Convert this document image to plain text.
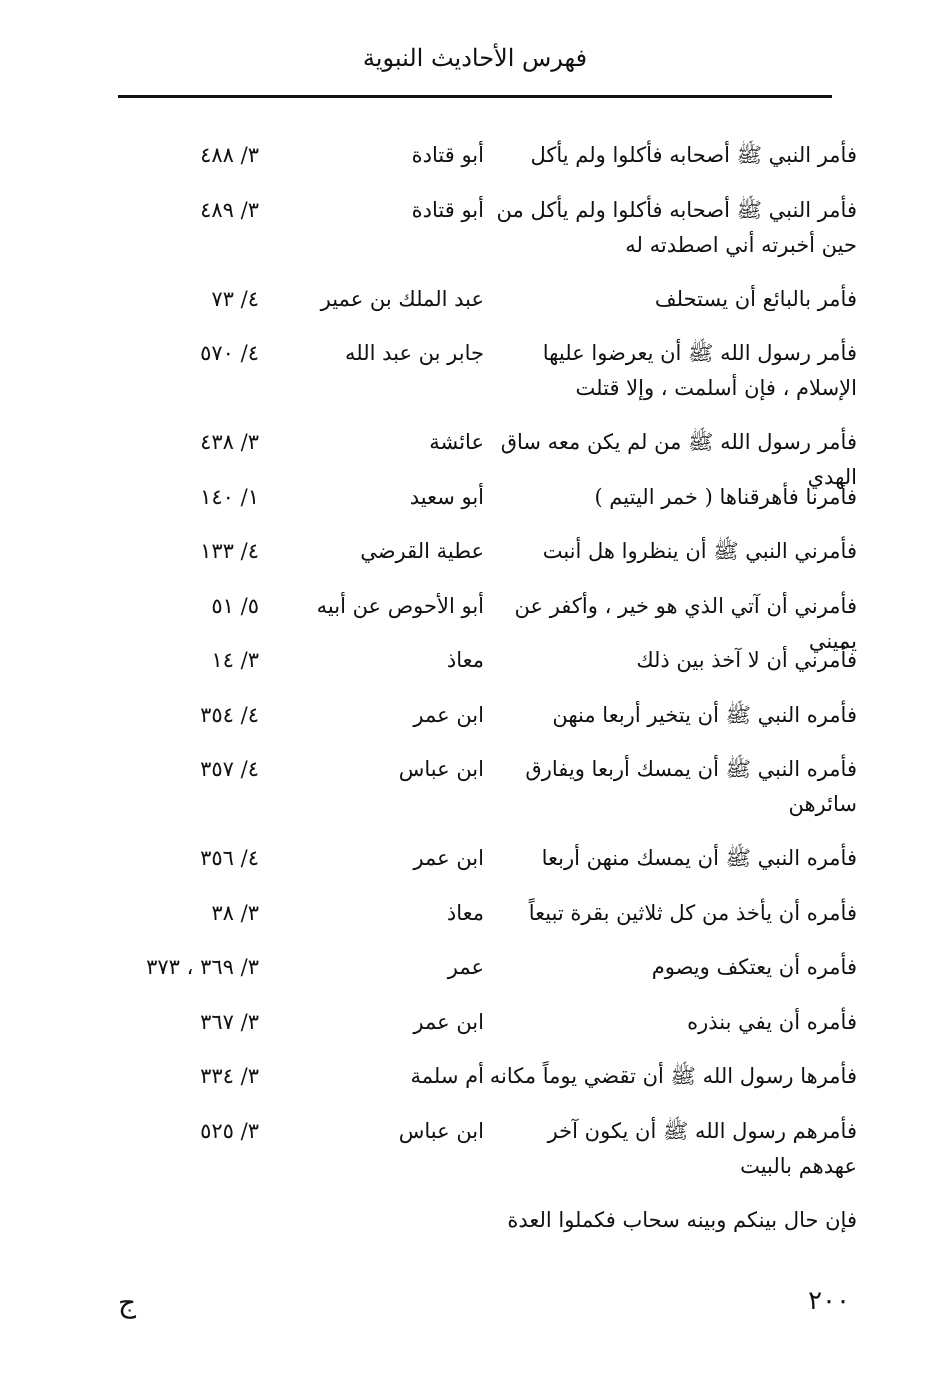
فهرس الأحاديث النبوية
فأمر النبي ﷺ أصحابه فأكلوا ولم يأكل
أبو قتادة
٣/ ٤٨٨
فأمر النبي ﷺ أصحابه فأكلوا ولم يأكل من حين أخبرته أني اصطدته له
أبو قتادة
٣/ ٤٨٩
فأمر بالبائع أن يستحلف
عبد الملك بن عمير
٤/ ٧٣
فأمر رسول الله ﷺ أن يعرضوا عليها الإسلام ، فإن أسلمت ، وإلا قتلت
جابر بن عبد الله
٤/ ٥٧٠
فأمر رسول الله ﷺ من لم يكن معه ساق الهدي
عائشة
٣/ ٤٣٨
فأمرنا فأهرقناها ( خمر اليتيم )
أبو سعيد
١/ ١٤٠
فأمرني النبي ﷺ أن ينظروا هل أنبت
عطية القرضي
٤/ ١٣٣
فأمرني أن آتي الذي هو خير ، وأكفر عن يميني
أبو الأحوص عن أبيه
٥/ ٥١
فأمرني أن لا آخذ بين ذلك
معاذ
٣/ ١٤
فأمره النبي ﷺ أن يتخير أربعا منهن
ابن عمر
٤/ ٣٥٤
فأمره النبي ﷺ أن يمسك أربعا ويفارق سائرهن
ابن عباس
٤/ ٣٥٧
فأمره النبي ﷺ أن يمسك منهن أربعا
ابن عمر
٤/ ٣٥٦
فأمره أن يأخذ من كل ثلاثين بقرة تبيعاً
معاذ
٣/ ٣٨
فأمره أن يعتكف ويصوم
عمر
٣/ ٣٦٩ ، ٣٧٣
فأمره أن يفي بنذره
ابن عمر
٣/ ٣٦٧
فأمرها رسول الله ﷺ أن تقضي يوماً مكانه
أم سلمة
٣/ ٣٣٤
فأمرهم رسول الله ﷺ أن يكون آخر عهدهم بالبيت
ابن عباس
٣/ ٥٢٥
فإن حال بينكم وبينه سحاب فكملوا العدة
٢٠٠
ج
